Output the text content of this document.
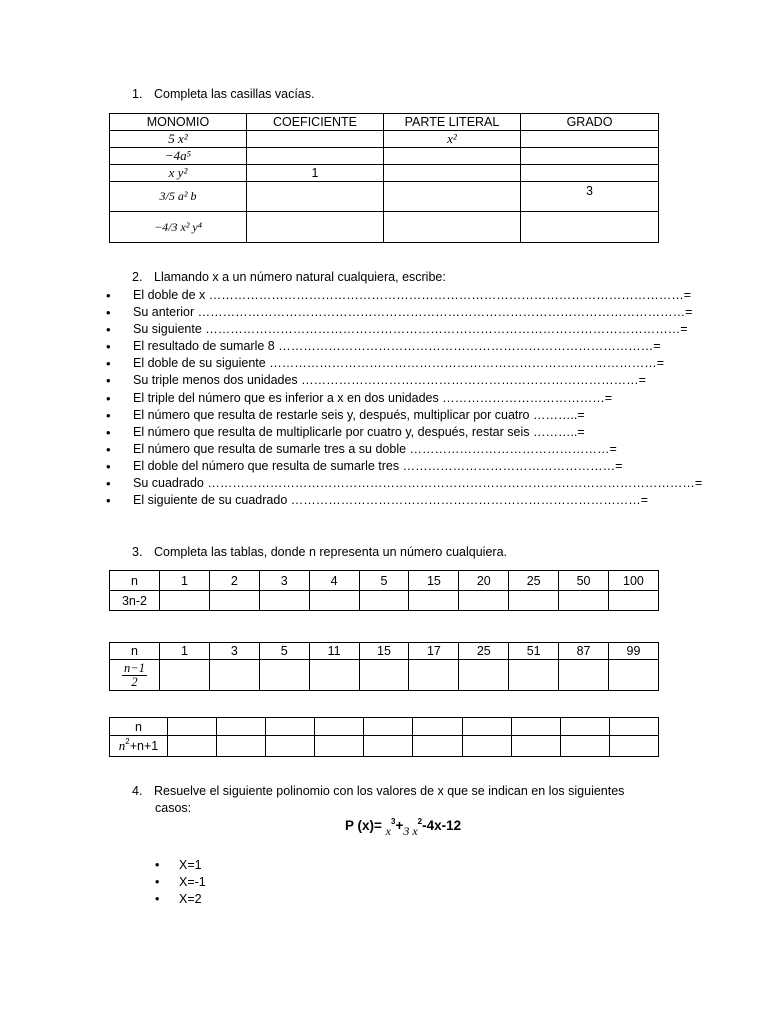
1. Completa las casillas vacías.
MONOMIO	COEFICIENTE	PARTE LITERAL	GRADO
5 x²		x²	
−4a⁵			
x y²	1		
3/5 a² b			3
−4/3 x² y⁴			
2. Llamando x a un número natural cualquiera, escribe:
• El doble de x ……………………………………………………………………………………………………=
• Su anterior ………………………………………………………………………………………………………=
• Su siguiente ……………………………………………………………………………………………………=
• El resultado de sumarle 8 ………………………………………………………………………………=
• El doble de su siguiente …………………………………………………………………………………=
• Su triple menos dos unidades ………………………………………………………………………=
• El triple del número que es inferior a x en dos unidades …………………………………=
• El número que resulta de restarle seis y, después, multiplicar por cuatro ………..=
• El número que resulta de multiplicarle por cuatro y, después, restar seis ………..=
• El número que resulta de sumarle tres a su doble …………………………………………=
• El doble del número que resulta de sumarle tres ……………………………………………=
• Su cuadrado ………………………………………………………………………………………………………=
• El siguiente de su cuadrado …………………………………………………………………………=
3. Completa las tablas, donde n representa un número cualquiera.
n	1	2	3	4	5	15	20	25	50	100
3n-2										
n	1	3	5	11	15	17	25	51	87	99

$\frac{n-1}{2}$

n										
$n^2+n+1$										
4. Resuelve el siguiente polinomio con los valores de x que se indican en los siguientes
casos:
P $(x)= x^3+3$ $x^2-4x-12$
• X=1
• X=-1
• X=2
